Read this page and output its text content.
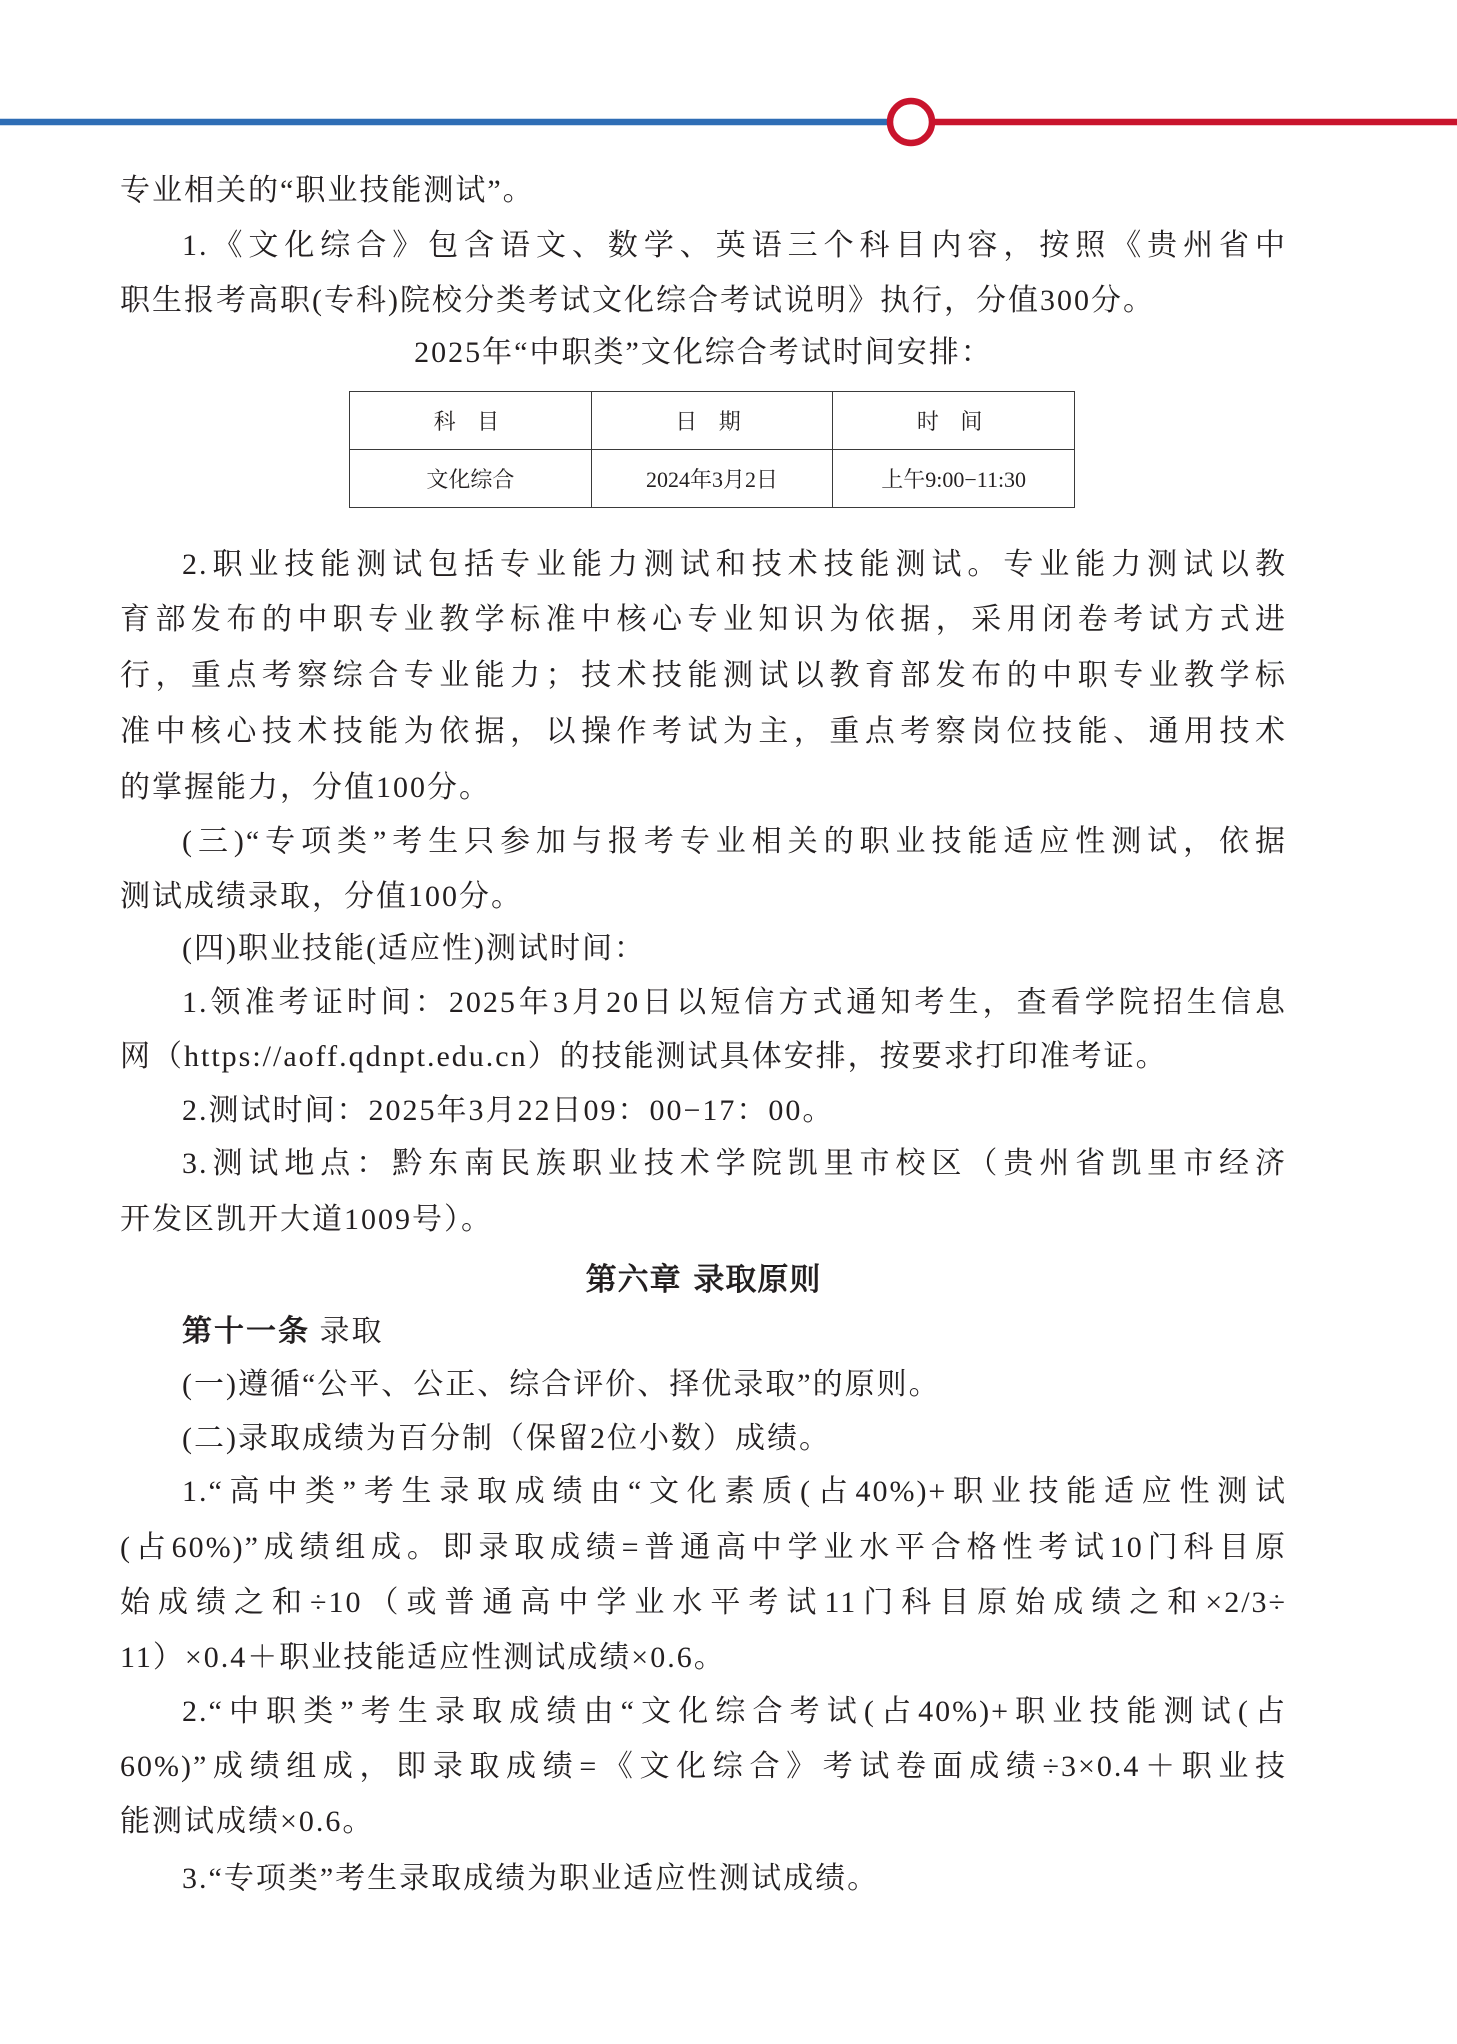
专业相关的“职业技能测试”。
1.《文化综合》包含语文、数学、英语三个科目内容，按照《贵州省中
职生报考高职(专科)院校分类考试文化综合考试说明》执行，分值300分。
2025年“中职类”文化综合考试时间安排：
科 目	日 期	时 间
文化综合	2024年3月2日	上午9:00−11:30
2.职业技能测试包括专业能力测试和技术技能测试。专业能力测试以教
育部发布的中职专业教学标准中核心专业知识为依据，采用闭卷考试方式进
行，重点考察综合专业能力；技术技能测试以教育部发布的中职专业教学标
准中核心技术技能为依据，以操作考试为主，重点考察岗位技能、通用技术
的掌握能力，分值100分。
(三)“专项类”考生只参加与报考专业相关的职业技能适应性测试，依据
测试成绩录取，分值100分。
(四)职业技能(适应性)测试时间：
1.领准考证时间：2025年3月20日以短信方式通知考生，查看学院招生信息
网（https://aoff.qdnpt.edu.cn）的技能测试具体安排，按要求打印准考证。
2.测试时间：2025年3月22日09：00−17：00。
3.测试地点：黔东南民族职业技术学院凯里市校区（贵州省凯里市经济
开发区凯开大道1009号）。
第六章 录取原则
第十一条 录取
(一)遵循“公平、公正、综合评价、择优录取”的原则。
(二)录取成绩为百分制（保留2位小数）成绩。
1.“高中类”考生录取成绩由“文化素质(占40%)+职业技能适应性测试
(占60%)”成绩组成。即录取成绩=普通高中学业水平合格性考试10门科目原
始成绩之和÷10（或普通高中学业水平考试11门科目原始成绩之和×2/3÷
11）×0.4＋职业技能适应性测试成绩×0.6。
2.“中职类”考生录取成绩由“文化综合考试(占40%)+职业技能测试(占
60%)”成绩组成，即录取成绩=《文化综合》考试卷面成绩÷3×0.4＋职业技
能测试成绩×0.6。
3.“专项类”考生录取成绩为职业适应性测试成绩。
